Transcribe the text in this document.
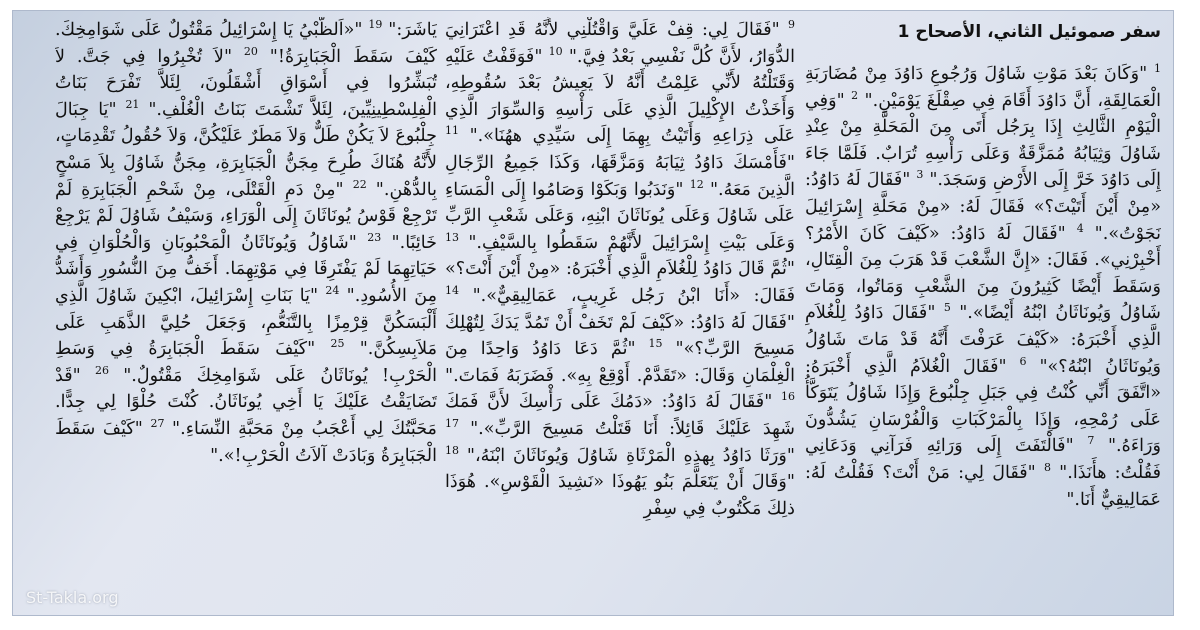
سفر صموئيل الثاني، الأصحاح 1
$^1$ "وَكَانَ بَعْدَ مَوْتِ شَاوُلَ وَرُجُوعِ دَاوُدَ مِنْ مُضَارَبَةِ الْعَمَالِقَةِ، أَنَّ دَاوُدَ أَقَامَ فِي صِقْلَغَ يَوْمَيْنِ." $^2$ "وَفِي الْيَوْمِ الثَّالِثِ إِذَا بِرَجُل أَتَى مِنَ الْمَحَلَّةِ مِنْ عِنْدِ شَاوُلَ وَثِيَابُهُ مُمَزَّقَةٌ وَعَلَى رَأْسِهِ تُرَابٌ. فَلَمَّا جَاءَ إِلَى دَاوُدَ خَرَّ إِلَى الأَرْضِ وَسَجَدَ." $^3$ "فَقَالَ لَهُ دَاوُدُ: «مِنْ أَيْنَ أَتَيْتَ؟» فَقَالَ لَهُ: «مِنْ مَحَلَّةِ إِسْرَائِيلَ نَجَوْتُ»." $^4$ "فَقَالَ لَهُ دَاوُدُ: «كَيْفَ كَانَ الأَمْرُ؟ أَخْبِرْنِي». فَقَالَ: «إِنَّ الشَّعْبَ قَدْ هَرَبَ مِنَ الْقِتَالِ، وَسَقَطَ أَيْضًا كَثِيرُونَ مِنَ الشَّعْبِ وَمَاتُوا، وَمَاتَ شَاوُلُ وَيُونَاثَانُ ابْنُهُ أَيْضًا»." $^5$ "فَقَالَ دَاوُدُ لِلْغُلاَمِ الَّذِي أَخْبَرَهُ: «كَيْفَ عَرَفْتَ أَنَّهُ قَدْ مَاتَ شَاوُلُ وَيُونَاثَانُ ابْنُهُ؟»" $^6$ "فَقَالَ الْغُلاَمُ الَّذِي أَخْبَرَهُ: «اتَّفَقَ أَنِّي كُنْتُ فِي جَبَلِ جِلْبُوعَ وَإِذَا شَاوُلُ يَتَوَكَّأُ عَلَى رُمْحِهِ، وَإِذَا بِالْمَرْكَبَاتِ وَالْفُرْسَانِ يَشُدُّونَ وَرَاءَهُ." $^7$ "فَالْتَفَتَ إِلَى وَرَائِهِ فَرَآنِي وَدَعَانِي فَقُلْتُ: هأَنَذَا." $^8$ "فَقَالَ لِي: مَنْ أَنْتَ؟ فَقُلْتُ لَهُ: عَمَالِيقِيٌّ أَنَا."
$^9$ "فَقَالَ لِي: قِفْ عَلَيَّ وَاقْتُلْنِي لأَنَّهُ قَدِ اعْتَرَانِيَ الدُّوَارُ، لأَنَّ كُلَّ نَفْسِي بَعْدُ فِيَّ." $^{10}$ "فَوَقَفْتُ عَلَيْهِ وَقَتَلْتُهُ لأَنِّي عَلِمْتُ أَنَّهُ لاَ يَعِيشُ بَعْدَ سُقُوطِهِ، وَأَخَذْتُ الإِكْلِيلَ الَّذِي عَلَى رَأْسِهِ وَالسِّوَارَ الَّذِي عَلَى ذِرَاعِهِ وَأَتَيْتُ بِهِمَا إِلَى سَيِّدِي ههُنَا»." $^{11}$ "فَأَمْسَكَ دَاوُدُ ثِيَابَهُ وَمَزَّقَهَا، وَكَذَا جَمِيعُ الرِّجَالِ الَّذِينَ مَعَهُ." $^{12}$ "وَنَدَبُوا وَبَكَوْا وَصَامُوا إِلَى الْمَسَاءِ عَلَى شَاوُلَ وَعَلَى يُونَاثَانَ ابْنِهِ، وَعَلَى شَعْبِ الرَّبِّ وَعَلَى بَيْتِ إِسْرَائِيلَ لأَنَّهُمْ سَقَطُوا بِالسَّيْفِ." $^{13}$ "ثُمَّ قَالَ دَاوُدُ لِلْغُلاَمِ الَّذِي أَخْبَرَهُ: «مِنْ أَيْنَ أَنْتَ؟» فَقَالَ: «أَنَا ابْنُ رَجُل غَرِيبٍ، عَمَالِيقِيٌّ»." $^{14}$ "فَقَالَ لَهُ دَاوُدُ: «كَيْفَ لَمْ تَخَفْ أَنْ تَمُدَّ يَدَكَ لِتُهْلِكَ مَسِيحَ الرَّبِّ؟»" $^{15}$ "ثُمَّ دَعَا دَاوُدُ وَاحِدًا مِنَ الْغِلْمَانِ وَقَالَ: «تَقَدَّمْ. أَوْقِعْ بِهِ». فَضَرَبَهُ فَمَاتَ." $^{16}$ "فَقَالَ لَهُ دَاوُدُ: «دَمُكَ عَلَى رَأْسِكَ لأَنَّ فَمَكَ شَهِدَ عَلَيْكَ قَائِلاً: أَنَا قَتَلْتُ مَسِيحَ الرَّبِّ»." $^{17}$ "وَرَثَا دَاوُدُ بِهذِهِ الْمَرْثَاةِ شَاوُلَ وَيُونَاثَانَ ابْنَهُ،" $^{18}$ "وَقَالَ أَنْ يَتَعَلَّمَ بَنُو يَهُوذَا «نَشِيدَ الْقَوْسِ». هُوَذَا ذلِكَ مَكْتُوبٌ فِي سِفْرِ
يَاشَرَ:" $^{19}$ "«اَلظَّبْيُ يَا إِسْرَائِيلُ مَقْتُولٌ عَلَى شَوَامِخِكَ. كَيْفَ سَقَطَ الْجَبَابِرَةُ!" $^{20}$ "لاَ تُخْبِرُوا فِي جَتَّ. لاَ تُبَشِّرُوا فِي أَسْوَاقِ أَشْقَلُونَ، لِئَلاَّ تَفْرَحَ بَنَاتُ الْفِلِسْطِينِيِّينَ، لِئَلاَّ تَشْمَتَ بَنَاتُ الْغُلْفِ." $^{21}$ "يَا جِبَالَ جِلْبُوعَ لاَ يَكُنْ طَلٌّ وَلاَ مَطَرٌ عَلَيْكُنَّ، وَلاَ حُقُولُ تَقْدِمَاتٍ، لأَنَّهُ هُنَاكَ طُرِحَ مِجَنُّ الْجَبَابِرَةِ، مِجَنُّ شَاوُلَ بِلاَ مَسْحٍ بِالدُّهْنِ." $^{22}$ "مِنْ دَمِ الْقَتْلَى، مِنْ شَحْمِ الْجَبَابِرَةِ لَمْ تَرْجِعْ قَوْسُ يُونَاثَانَ إِلَى الْوَرَاءِ، وَسَيْفُ شَاوُلَ لَمْ يَرْجِعْ خَائِبًا." $^{23}$ "شَاوُلُ وَيُونَاثَانُ الْمَحْبُوبَانِ وَالْحُلْوَانِ فِي حَيَاتِهِمَا لَمْ يَفْتَرِقَا فِي مَوْتِهِمَا. أَخَفُّ مِنَ النُّسُورِ وَأَشَدُّ مِنَ الأُسُودِ." $^{24}$ "يَا بَنَاتِ إِسْرَائِيلَ، ابْكِينَ شَاوُلَ الَّذِي أَلْبَسَكُنَّ قِرْمِزًا بِالتَّنَعُّمِ، وَجَعَلَ حُلِيَّ الذَّهَبِ عَلَى مَلاَبِسِكُنَّ." $^{25}$ "كَيْفَ سَقَطَ الْجَبَابِرَةُ فِي وَسَطِ الْحَرْبِ! يُونَاثَانُ عَلَى شَوَامِخِكَ مَقْتُولٌ." $^{26}$ "قَدْ تَضَايَقْتُ عَلَيْكَ يَا أَخِي يُونَاثَانُ. كُنْتَ حُلْوًا لِي جِدًّا. مَحَبَّتُكَ لِي أَعْجَبُ مِنْ مَحَبَّةِ النِّسَاءِ." $^{27}$ "كَيْفَ سَقَطَ الْجَبَابِرَةُ وَبَادَتْ آلاَتُ الْحَرْبِ!»."
St-Takla.org
